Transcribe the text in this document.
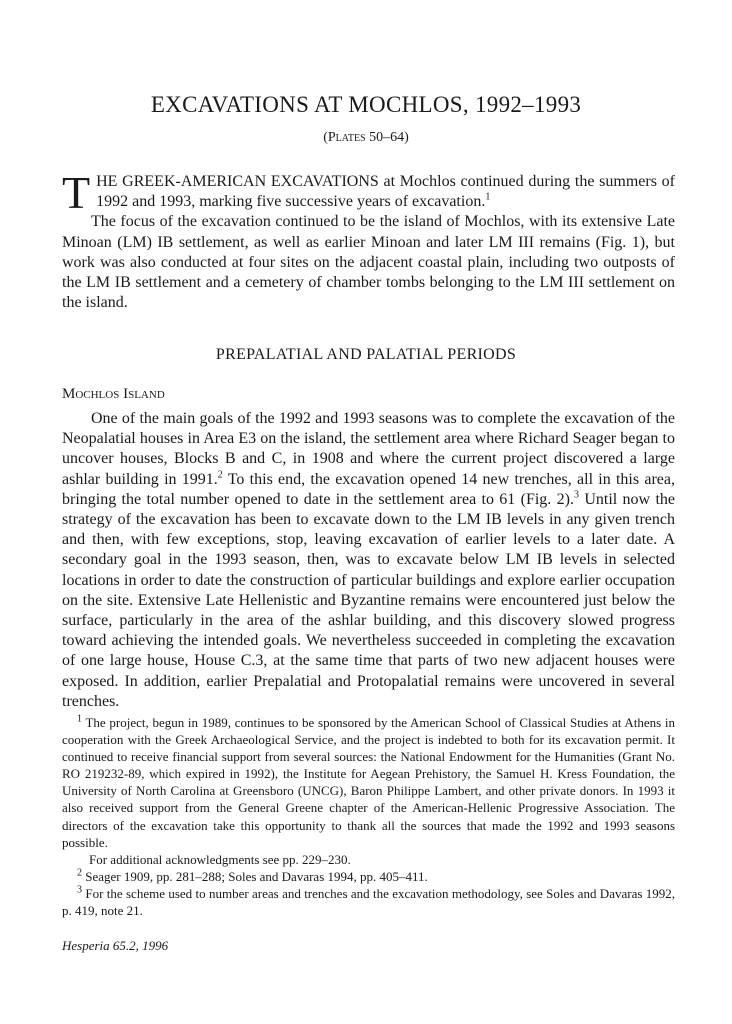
EXCAVATIONS AT MOCHLOS, 1992–1993
(Plates 50–64)

THE GREEK-AMERICAN EXCAVATIONS at Mochlos continued during the summers of 1992 and 1993, marking five successive years of excavation.$^1$

The focus of the excavation continued to be the island of Mochlos, with its extensive Late Minoan (LM) IB settlement, as well as earlier Minoan and later LM III remains (Fig. 1), but work was also conducted at four sites on the adjacent coastal plain, including two outposts of the LM IB settlement and a cemetery of chamber tombs belonging to the LM III settlement on the island.

PREPALATIAL AND PALATIAL PERIODS
Mochlos Island

One of the main goals of the 1992 and 1993 seasons was to complete the excavation of the Neopalatial houses in Area E3 on the island, the settlement area where Richard Seager began to uncover houses, Blocks B and C, in 1908 and where the current project discovered a large ashlar building in 1991.$^2$ To this end, the excavation opened 14 new trenches, all in this area, bringing the total number opened to date in the settlement area to 61 (Fig. 2).$^3$ Until now the strategy of the excavation has been to excavate down to the LM IB levels in any given trench and then, with few exceptions, stop, leaving excavation of earlier levels to a later date. A secondary goal in the 1993 season, then, was to excavate below LM IB levels in selected locations in order to date the construction of particular buildings and explore earlier occupation on the site. Extensive Late Hellenistic and Byzantine remains were encountered just below the surface, particularly in the area of the ashlar building, and this discovery slowed progress toward achieving the intended goals. We nevertheless succeeded in completing the excavation of one large house, House C.3, at the same time that parts of two new adjacent houses were exposed. In addition, earlier Prepalatial and Protopalatial remains were uncovered in several trenches.

$^1$ The project, begun in 1989, continues to be sponsored by the American School of Classical Studies at Athens in cooperation with the Greek Archaeological Service, and the project is indebted to both for its excavation permit. It continued to receive financial support from several sources: the National Endowment for the Humanities (Grant No. RO 219232-89, which expired in 1992), the Institute for Aegean Prehistory, the Samuel H. Kress Foundation, the University of North Carolina at Greensboro (UNCG), Baron Philippe Lambert, and other private donors. In 1993 it also received support from the General Greene chapter of the American-Hellenic Progressive Association. The directors of the excavation take this opportunity to thank all the sources that made the 1992 and 1993 seasons possible.

For additional acknowledgments see pp. 229–230.

$^2$ Seager 1909, pp. 281–288; Soles and Davaras 1994, pp. 405–411.

$^3$ For the scheme used to number areas and trenches and the excavation methodology, see Soles and Davaras 1992, p. 419, note 21.

Hesperia 65.2, 1996
